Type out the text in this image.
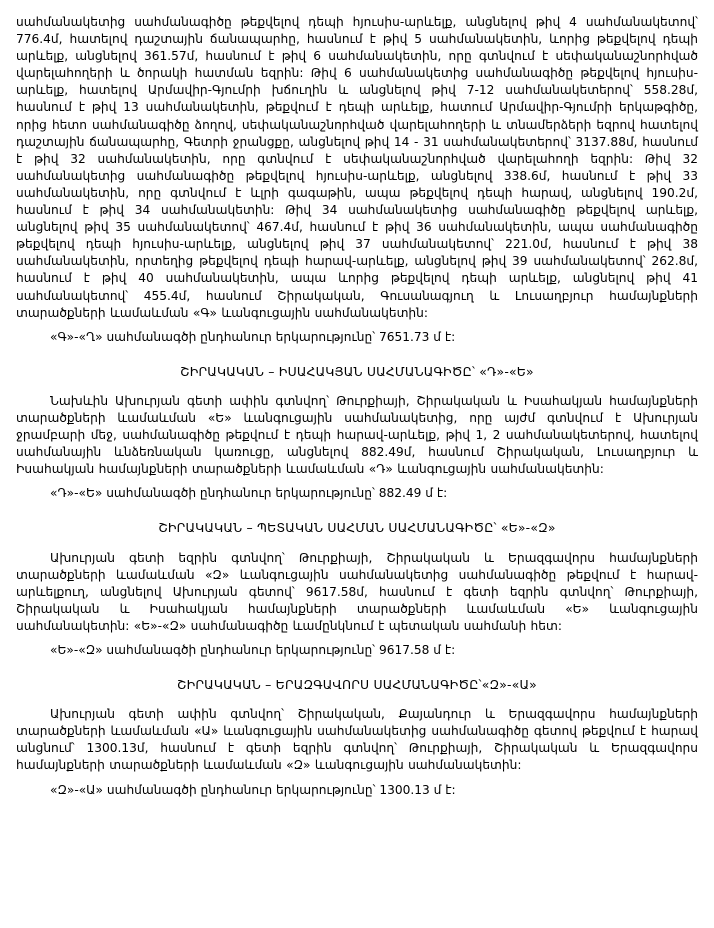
սահմանակետից սահմանագիծը թեքվելով դեպի հյուսիս-արևելք, անցնելով թիվ 4 սահմանակետով՝ 776.4մ, հատելով դաշտային ճանապարհը, հասնում է թիվ 5 սահմանակետին, ևորից թեքվելով դեպի արևելք, անցնելով 361.57մ, հասնում է թիվ 6 սահմանակետին, որը գտնվում է սեփականաշնորհված վարելահողերի և ծորակի հատման եզրին: Թիվ 6 սահմանակետից սահմանագիծը թեքվելով հյուսիս-արևելք, հատելով Արմավիր-Գյումրի խճուղին և անցնելով թիվ 7-12 սահմանակետերով՝ 558.28մ, հասնում է թիվ 13 սահմանակետին, թեքվում է դեպի արևելք, հատում Արմավիր-Գյումրի երկաթգիծը, որից հետո սահմանագիծը ձողով, սեփականաշնորհված վարելահողերի և տնամերձերի եզրով հատելով դաշտային ճանապարհը, Գետրի ջրանցքը, անցնելով թիվ 14 - 31 սահմանակետերով՝ 3137.88մ, հասնում է թիվ 32 սահմանակետին, որը գտնվում է սեփականաշնորհված վարելահողի եզրին: Թիվ 32 սահմանակետից սահմանագիծը թեքվելով հյուսիս-արևելք, անցնելով 338.6մ, հասնում է թիվ 33 սահմանակետին, որը գտնվում է ևլրի գագաթին, ապա թեքվելով դեպի հարավ, անցնելով 190.2մ, հասնում է թիվ 34 սահմանակետին: Թիվ 34 սահմանակետից սահմանագիծը թեքվելով արևելք, անցնելով թիվ 35 սահմանակետով՝ 467.4մ, հասնում է թիվ 36 սահմանակետին, ապա սահմանագիծը թեքվելով դեպի հյուսիս-արևելք, անցնելով թիվ 37 սահմանակետով՝ 221.0մ, հասնում է թիվ 38 սահմանակետին, որտեղից թեքվելով դեպի հարավ-արևելք, անցնելով թիվ 39 սահմանակետով՝ 262.8մ, հասնում է թիվ 40 սահմանակետին, ապա ևորից թեքվելով դեպի արևելք, անցնելով թիվ 41 սահմանակետով՝ 455.4մ, հասնում Շիրակական, Գուսանագյուղ և Լուսաղբյուր համայնքների տարածքների ևամաևման «Գ» ևանգուցային սահմանակետին:

«Գ»-«Ղ» սահմանագծի ընդհանուր երկարությունը՝ 7651.73 մ է:

ՇԻՐԱԿԱԿԱՆ – ԻՍԱՀԱԿՅԱՆ ՍԱՀՄԱՆԱԳԻԾԸ՝ «Դ»-«Ե»

Նախևին Ախուրյան գետի ափին գտնվող՝ Թուրքիայի, Շիրակական և Իսահակյան համայնքների տարածքների ևամաևման «Ե» ևանգուցային սահմանակետից, որը այժմ գտնվում է Ախուրյան ջրամբարի մեջ, սահմանագիծը թեքվում է դեպի հարավ-արևելք, թիվ 1, 2 սահմանակետերով, հատելով սահմանային ևնձեռնական կառուցը, անցնելով 882.49մ, հասնում Շիրակական, Լուսաղբյուր և Իսահակյան համայնքների տարածքների ևամաևման «Դ» ևանգուցային սահմանակետին:

«Դ»-«Ե» սահմանագծի ընդհանուր երկարությունը՝ 882.49 մ է:

ՇԻՐԱԿԱԿԱՆ – ՊԵՏԱԿԱՆ ՍԱՀՄԱՆ ՍԱՀՄԱՆԱԳԻԾԸ՝ «Ե»-«Զ»

Ախուրյան գետի եզրին գտնվող՝ Թուրքիայի, Շիրակական և Երազգավորս համայնքների տարածքների ևամաևման «Զ» ևանգուցային սահմանակետից սահմանագիծը թեքվում է հարավ-արևելքուղ, անցնելով Ախուրյան գետով՝ 9617.58մ, հասնում է գետի եզրին գտնվող՝ Թուրքիայի, Շիրակական և Իսահակյան համայնքների տարածքների ևամաևման «Ե» ևանգուցային սահմանակետին: «Ե»-«Զ» սահմանագիծը ևամընկնում է պետական սահմանի հետ:

«Ե»-«Զ» սահմանագծի ընդհանուր երկարությունը՝ 9617.58 մ է:

ՇԻՐԱԿԱԿԱՆ – ԵՐԱԶԳԱՎՈՐՍ ՍԱՀՄԱՆԱԳԻԾԸ՝«Զ»-«Ա»

Ախուրյան գետի ափին գտնվող՝ Շիրակական, Քայանդուր և Երազգավորս համայնքների տարածքների ևամաևման «Ա» ևանգուցային սահմանակետից սահմանագիծը գետով թեքվում է հարավ անցնում՝ 1300.13մ, հասնում է գետի եզրին գտնվող՝ Թուրքիայի, Շիրակական և Երազգավորս համայնքների տարածքների ևամաևման «Զ» ևանգուցային սահմանակետին:

«Զ»-«Ա» սահմանագծի ընդհանուր երկարությունը՝ 1300.13 մ է:
